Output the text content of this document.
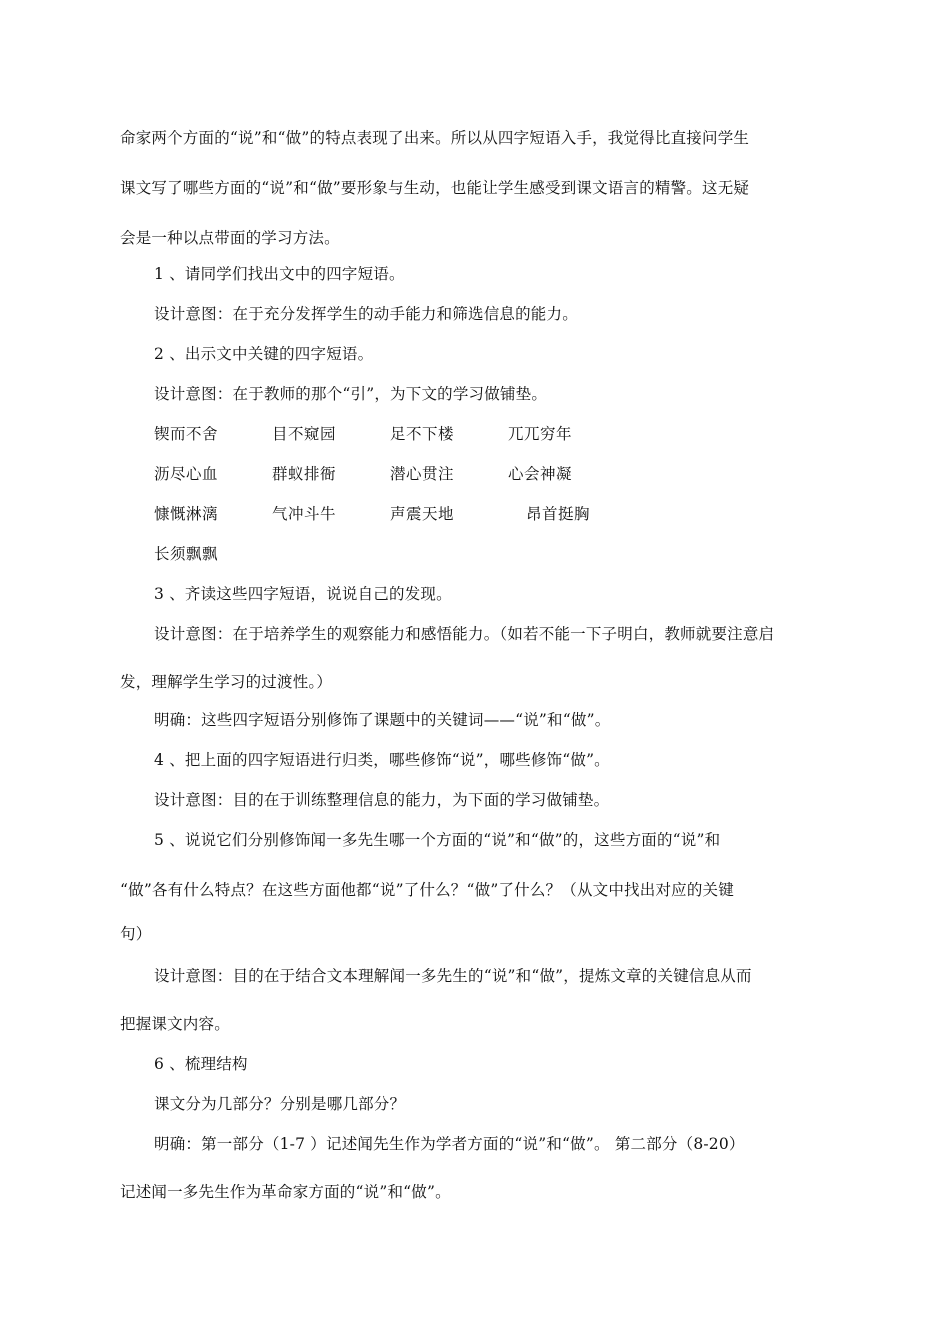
命家两个方面的“说”和“做”的特点表现了出来。所以从四字短语入手，我觉得比直接问学生
课文写了哪些方面的“说”和“做”要形象与生动，也能让学生感受到课文语言的精警。这无疑
会是一种以点带面的学习方法。
1 、请同学们找出文中的四字短语。
设计意图：在于充分发挥学生的动手能力和筛选信息的能力。
2 、出示文中关键的四字短语。
设计意图：在于教师的那个“引”，为下文的学习做铺垫。
锲而不舍	目不窥园	足不下楼	兀兀穷年
沥尽心血	群蚁排衙	潜心贯注	心会神凝
慷慨淋漓	气冲斗牛	声震天地	昂首挺胸
长须飘飘
3 、齐读这些四字短语，说说自己的发现。
设计意图：在于培养学生的观察能力和感悟能力。（如若不能一下子明白，教师就要注意启
发，理解学生学习的过渡性。）
明确：这些四字短语分别修饰了课题中的关键词——“说”和“做”。
4 、把上面的四字短语进行归类，哪些修饰“说”，哪些修饰“做”。
设计意图：目的在于训练整理信息的能力，为下面的学习做铺垫。
5 、说说它们分别修饰闻一多先生哪一个方面的“说”和“做”的，这些方面的“说”和
“做”各有什么特点？在这些方面他都“说”了什么？“做”了什么？（从文中找出对应的关键
句）
设计意图：目的在于结合文本理解闻一多先生的“说”和“做”，提炼文章的关键信息从而
把握课文内容。
6 、梳理结构
课文分为几部分？分别是哪几部分？
明确：第一部分（1-7 ）记述闻先生作为学者方面的“说”和“做”。 第二部分（8-20）
记述闻一多先生作为革命家方面的“说”和“做”。
